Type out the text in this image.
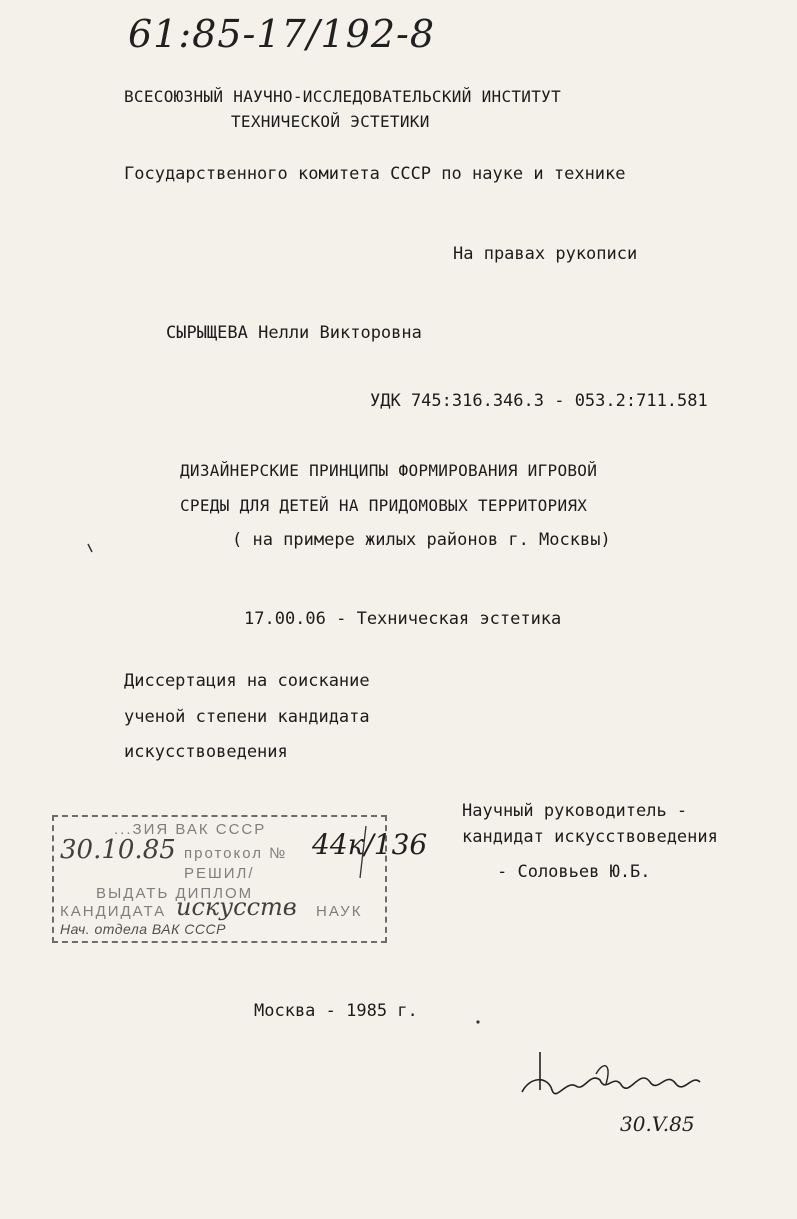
61:85-17/192-8
ВСЕСОЮЗНЫЙ НАУЧНО-ИССЛЕДОВАТЕЛЬСКИЙ ИНСТИТУТ
ТЕХНИЧЕСКОЙ ЭСТЕТИКИ
Государственного комитета СССР по науке и технике
На правах рукописи
СЫРЫЩЕВА Нелли Викторовна
УДК 745:316.346.3 - 053.2:711.581
ДИЗАЙНЕРСКИЕ ПРИНЦИПЫ ФОРМИРОВАНИЯ ИГРОВОЙ
СРЕДЫ ДЛЯ ДЕТЕЙ НА ПРИДОМОВЫХ ТЕРРИТОРИЯХ
( на примере жилых районов г. Москвы)
17.00.06 - Техническая эстетика
Диссертация на соискание
ученой степени кандидата
искусствоведения
Научный руководитель -
кандидат искусствоведения
- Соловьев Ю.Б.
...ЗИЯ ВАК СССР
30.10.85 протокол №
РЕШИЛ/
ВЫДАТЬ ДИПЛОМ
КАНДИДАТА искусств НАУК
Нач. отдела ВАК СССР
44к/136
Москва - 1985 г.
30.V.85
